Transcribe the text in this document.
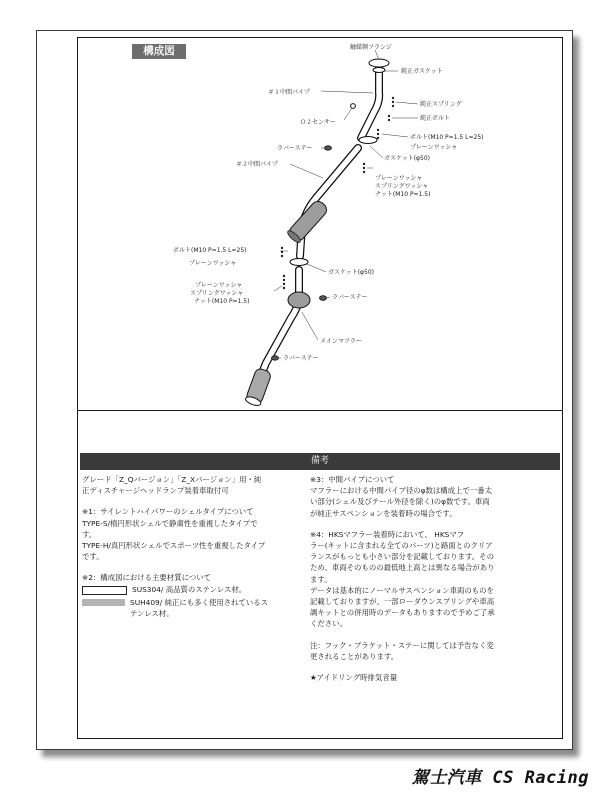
構成図	触媒側フランジ
純正ガスケット
＃１中間パイプ
純正スプリング
純正ボルト
Ｏ２センサー
ボルト(M10 P=1.5 L=25)
プレーンワッシャ
ラバーステー
ガスケット(φ50)
＃２中間パイプ
プレーンワッシャ
スプリングワッシャ
ナット(M10 P=1.5)
ボルト(M10 P=1.5 L=25)
プレーンワッシャ
ガスケット(φ50)
プレーンワッシャ
スプリングワッシャ
ナット(M10 P=1.5)
ラバーステー
メインマフラー
ラバーステー
備考

グレード「Z_Qバージョン」「Z_Xバージョン」用・純
正ディスチャージヘッドランプ装着車取付可

※1：サイレントハイパワーのシェルタイプについて
TYPE-S/楕円形状シェルで静粛性を重視したタイプで
す。
TYPE-H/真円形状シェルでスポーツ性を重視したタイプ
です。

※2：構成図における主要材質について

SUS304/ 高品質のステンレス材。

SUH409/ 純正にも多く使用されているス
テンレス材。

※3：中間パイプについて
マフラーにおける中間パイプ径のφ数は構成上で一番太
い部分(シェル及びテール外径を除く)のφ数です。車両
が純正サスペンションを装着時の場合です。

※4：HKSマフラー装着時において、 HKSマフ
ラー(キットに含まれる全てのパーツ)と路面とのクリア
ランスがもっとも小さい部分を記載しております。その
ため、車両そのものの最低地上高とは異なる場合があり
ます。
データは基本的にノーマルサスペンション車両のものを
記載しておりますが、一部ローダウンスプリングや車高
調キットとの併用時のデータもありますので予めご了承
ください。

注：フック・ブラケット・ステーに関しては予告なく変
更されることがあります。

★アイドリング時排気音量

駕士汽車 CS Racing
